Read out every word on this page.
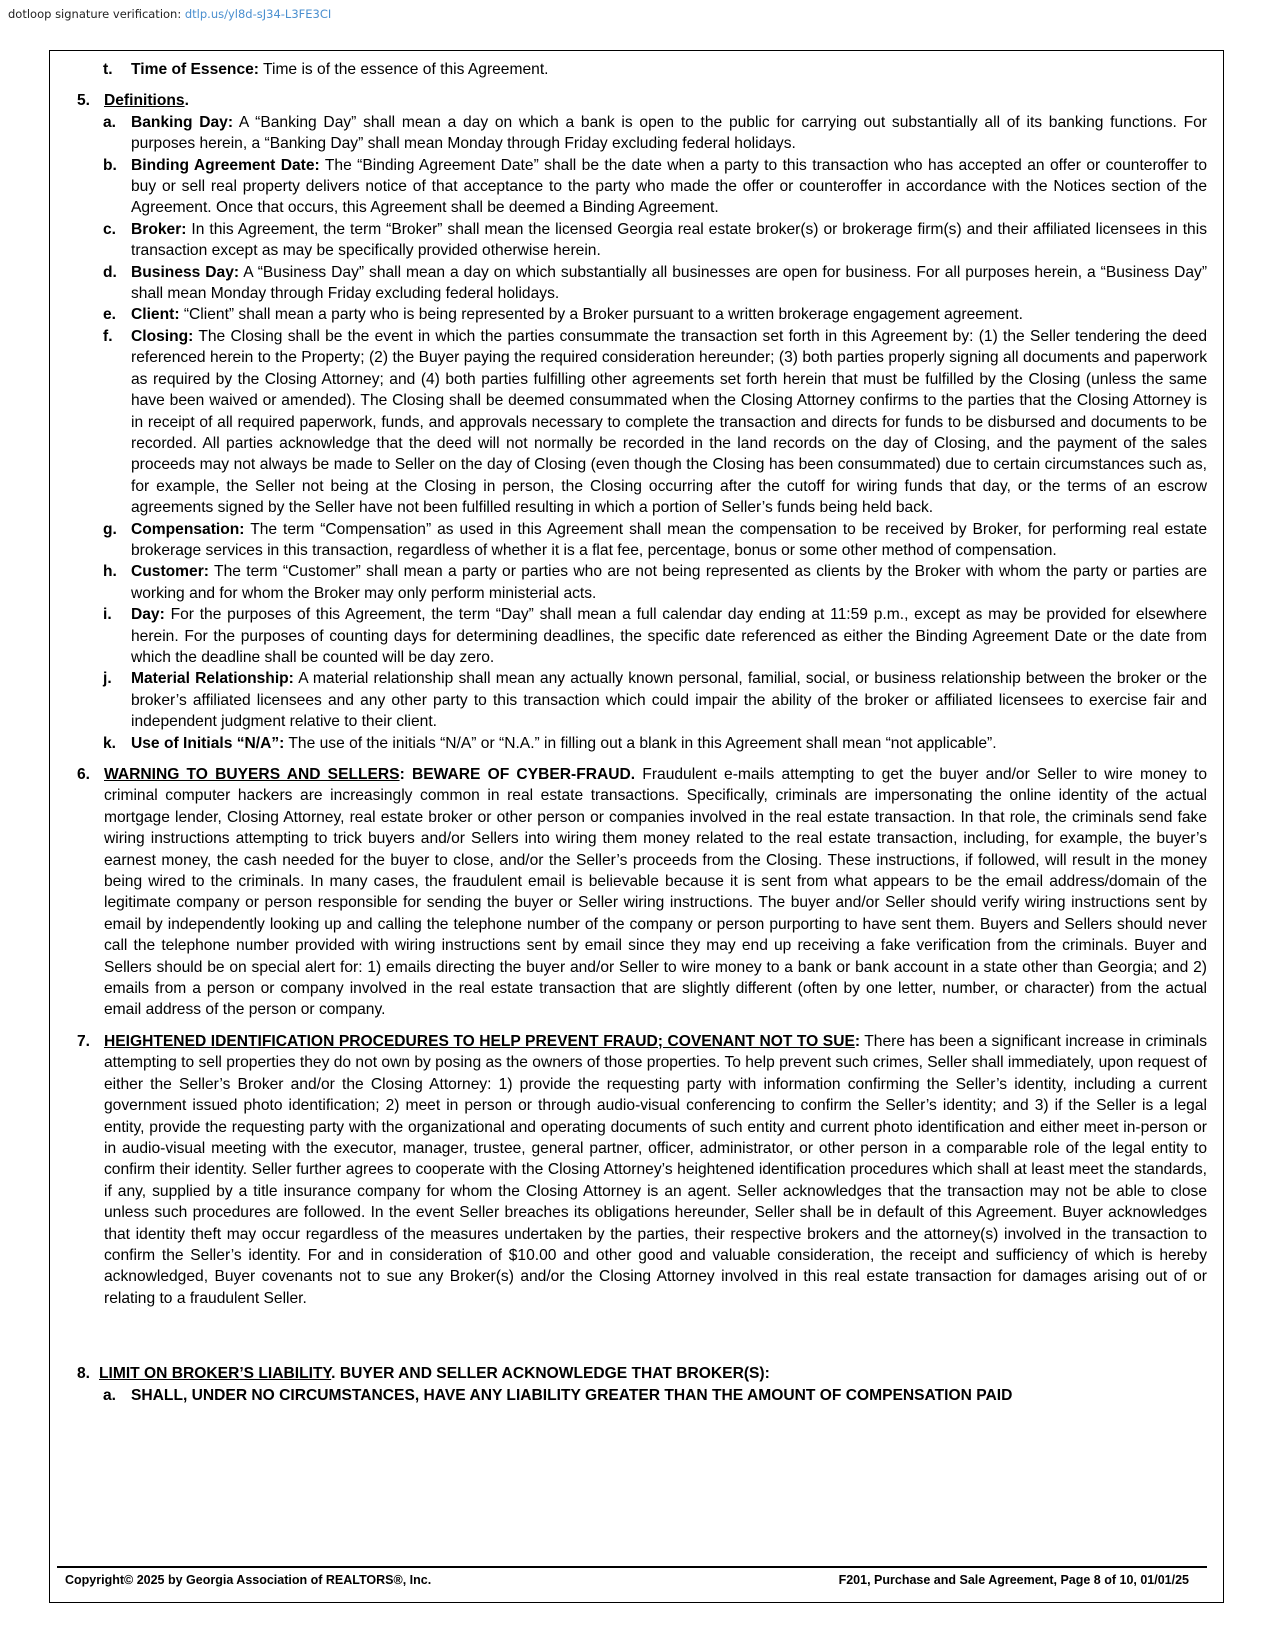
dotloop signature verification: dtlp.us/yl8d-sJ34-L3FE3CI
t. Time of Essence: Time is of the essence of this Agreement.

5. Definitions.

a. Banking Day: A “Banking Day” shall mean a day on which a bank is open to the public for carrying out substantially all of its banking functions. For purposes herein, a “Banking Day” shall mean Monday through Friday excluding federal holidays.

b. Binding Agreement Date: The “Binding Agreement Date” shall be the date when a party to this transaction who has accepted an offer or counteroffer to buy or sell real property delivers notice of that acceptance to the party who made the offer or counteroffer in accordance with the Notices section of the Agreement. Once that occurs, this Agreement shall be deemed a Binding Agreement.

c. Broker: In this Agreement, the term “Broker” shall mean the licensed Georgia real estate broker(s) or brokerage firm(s) and their affiliated licensees in this transaction except as may be specifically provided otherwise herein.

d. Business Day: A “Business Day” shall mean a day on which substantially all businesses are open for business. For all purposes herein, a “Business Day” shall mean Monday through Friday excluding federal holidays.

e. Client: “Client” shall mean a party who is being represented by a Broker pursuant to a written brokerage engagement agreement.

f. Closing: The Closing shall be the event in which the parties consummate the transaction set forth in this Agreement by: (1) the Seller tendering the deed referenced herein to the Property; (2) the Buyer paying the required consideration hereunder; (3) both parties properly signing all documents and paperwork as required by the Closing Attorney; and (4) both parties fulfilling other agreements set forth herein that must be fulfilled by the Closing (unless the same have been waived or amended). The Closing shall be deemed consummated when the Closing Attorney confirms to the parties that the Closing Attorney is in receipt of all required paperwork, funds, and approvals necessary to complete the transaction and directs for funds to be disbursed and documents to be recorded. All parties acknowledge that the deed will not normally be recorded in the land records on the day of Closing, and the payment of the sales proceeds may not always be made to Seller on the day of Closing (even though the Closing has been consummated) due to certain circumstances such as, for example, the Seller not being at the Closing in person, the Closing occurring after the cutoff for wiring funds that day, or the terms of an escrow agreements signed by the Seller have not been fulfilled resulting in which a portion of Seller’s funds being held back.

g. Compensation: The term “Compensation” as used in this Agreement shall mean the compensation to be received by Broker, for performing real estate brokerage services in this transaction, regardless of whether it is a flat fee, percentage, bonus or some other method of compensation.

h. Customer: The term “Customer” shall mean a party or parties who are not being represented as clients by the Broker with whom the party or parties are working and for whom the Broker may only perform ministerial acts.

i. Day: For the purposes of this Agreement, the term “Day” shall mean a full calendar day ending at 11:59 p.m., except as may be provided for elsewhere herein. For the purposes of counting days for determining deadlines, the specific date referenced as either the Binding Agreement Date or the date from which the deadline shall be counted will be day zero.

j. Material Relationship: A material relationship shall mean any actually known personal, familial, social, or business relationship between the broker or the broker’s affiliated licensees and any other party to this transaction which could impair the ability of the broker or affiliated licensees to exercise fair and independent judgment relative to their client.

k. Use of Initials “N/A”: The use of the initials “N/A” or “N.A.” in filling out a blank in this Agreement shall mean “not applicable”.

6. WARNING TO BUYERS AND SELLERS: BEWARE OF CYBER-FRAUD. Fraudulent e-mails attempting to get the buyer and/or Seller to wire money to criminal computer hackers are increasingly common in real estate transactions. Specifically, criminals are impersonating the online identity of the actual mortgage lender, Closing Attorney, real estate broker or other person or companies involved in the real estate transaction. In that role, the criminals send fake wiring instructions attempting to trick buyers and/or Sellers into wiring them money related to the real estate transaction, including, for example, the buyer’s earnest money, the cash needed for the buyer to close, and/or the Seller’s proceeds from the Closing. These instructions, if followed, will result in the money being wired to the criminals. In many cases, the fraudulent email is believable because it is sent from what appears to be the email address/domain of the legitimate company or person responsible for sending the buyer or Seller wiring instructions. The buyer and/or Seller should verify wiring instructions sent by email by independently looking up and calling the telephone number of the company or person purporting to have sent them. Buyers and Sellers should never call the telephone number provided with wiring instructions sent by email since they may end up receiving a fake verification from the criminals. Buyer and Sellers should be on special alert for: 1) emails directing the buyer and/or Seller to wire money to a bank or bank account in a state other than Georgia; and 2) emails from a person or company involved in the real estate transaction that are slightly different (often by one letter, number, or character) from the actual email address of the person or company.

7. HEIGHTENED IDENTIFICATION PROCEDURES TO HELP PREVENT FRAUD; COVENANT NOT TO SUE: There has been a significant increase in criminals attempting to sell properties they do not own by posing as the owners of those properties. To help prevent such crimes, Seller shall immediately, upon request of either the Seller’s Broker and/or the Closing Attorney: 1) provide the requesting party with information confirming the Seller’s identity, including a current government issued photo identification; 2) meet in person or through audio-visual conferencing to confirm the Seller’s identity; and 3) if the Seller is a legal entity, provide the requesting party with the organizational and operating documents of such entity and current photo identification and either meet in-person or in audio-visual meeting with the executor, manager, trustee, general partner, officer, administrator, or other person in a comparable role of the legal entity to confirm their identity. Seller further agrees to cooperate with the Closing Attorney’s heightened identification procedures which shall at least meet the standards, if any, supplied by a title insurance company for whom the Closing Attorney is an agent. Seller acknowledges that the transaction may not be able to close unless such procedures are followed. In the event Seller breaches its obligations hereunder, Seller shall be in default of this Agreement. Buyer acknowledges that identity theft may occur regardless of the measures undertaken by the parties, their respective brokers and the attorney(s) involved in the transaction to confirm the Seller’s identity. For and in consideration of $10.00 and other good and valuable consideration, the receipt and sufficiency of which is hereby acknowledged, Buyer covenants not to sue any Broker(s) and/or the Closing Attorney involved in this real estate transaction for damages arising out of or relating to a fraudulent Seller.

8. LIMIT ON BROKER’S LIABILITY. BUYER AND SELLER ACKNOWLEDGE THAT BROKER(S):

a. SHALL, UNDER NO CIRCUMSTANCES, HAVE ANY LIABILITY GREATER THAN THE AMOUNT OF COMPENSATION PAID

Copyright© 2025 by Georgia Association of REALTORS®, Inc.	F201, Purchase and Sale Agreement, Page 8 of 10, 01/01/25
